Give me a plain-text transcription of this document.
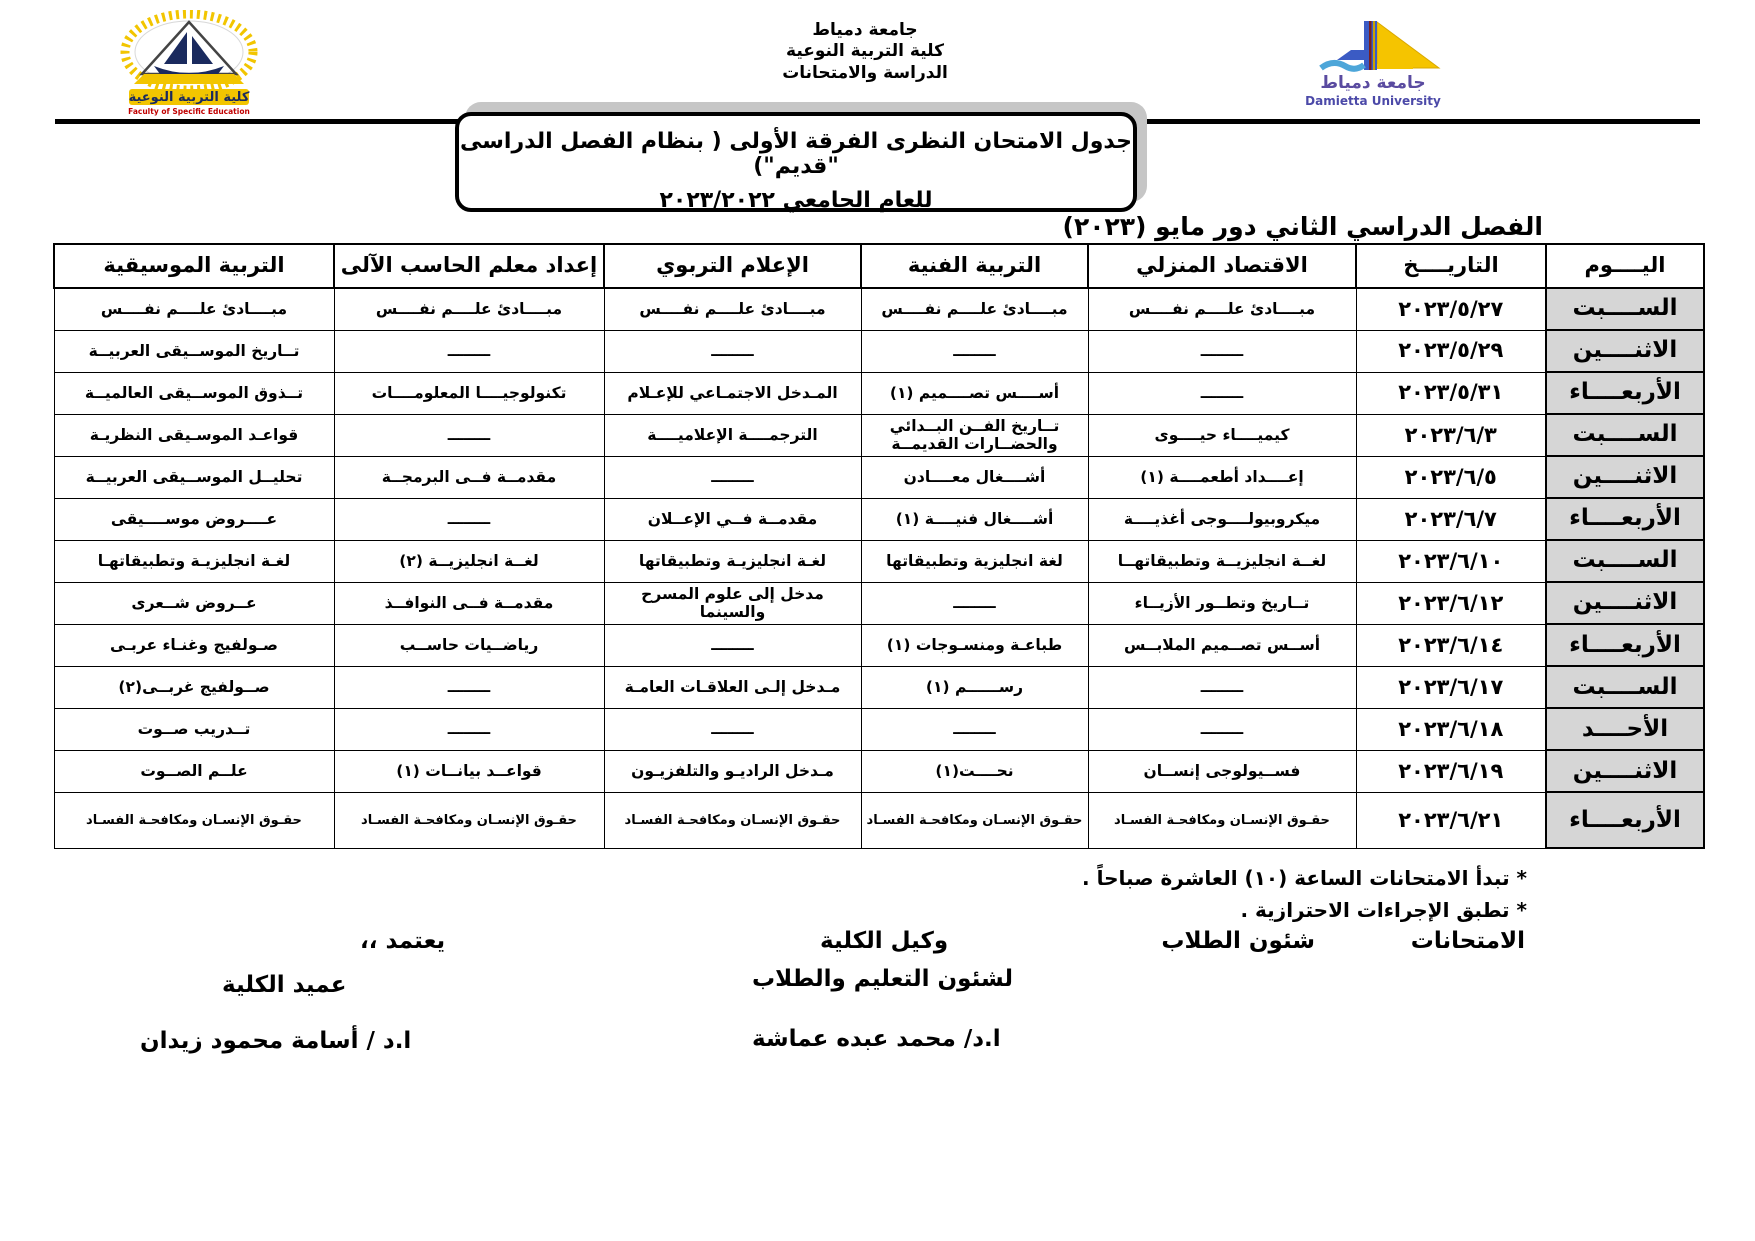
كلية التربية النوعية
Faculty of Specific Education
جامعة دمياط
كلية التربية النوعية
الدراسة والامتحانات
جامعة دمياط
Damietta University
جدول الامتحان النظرى الفرقة الأولى ( بنظام الفصل الدراسى "قديم")
للعام الجامعي ٢٠٢٣/٢٠٢٢
الفصل الدراسي الثاني دور مايو (٢٠٢٣)
اليــــوم	التاريــــخ	الاقتصاد المنزلي	التربية الفنية	الإعلام التربوي	إعداد معلم الحاسب الآلى	التربية الموسيقية
الســــبت	٢٠٢٣/٥/٢٧	مبــــادئ علــــم نفــــس	مبــــادئ علــــم نفــــس	مبــــادئ علــــم نفــــس	مبــــادئ علــــم نفــــس	مبــــادئ علــــم نفــــس
الاثنــــين	٢٠٢٣/٥/٢٩	ــــــــ	ــــــــ	ــــــــ	ــــــــ	تــاريخ الموســيقى العربيــة
الأربعــــاء	٢٠٢٣/٥/٣١	ــــــــ	أســــس تصــــميم (١)	المـدخل الاجتمـاعي للإعـلام	تكنولوجيــــا المعلومــــات	تــذوق الموســيقى العالميــة
الســــبت	٢٠٢٣/٦/٣	كيميــــاء حيــــوى	تــاريخ الفــن البــدائي والحضــارات القديمــة	الترجمــــة الإعلاميــــة	ــــــــ	قواعـد الموسـيقى النظريـة
الاثنــــين	٢٠٢٣/٦/٥	إعــــداد أطعمــــة (١)	أشــــغال معــــادن	ــــــــ	مقدمــة فــى البرمجــة	تحليــل الموســيقى العربيــة
الأربعــــاء	٢٠٢٣/٦/٧	ميكروبيولــــوجى أغذيــــة	أشــــغال فنيــــة (١)	مقدمــة فــي الإعــلان	ــــــــ	عــــروض موســــيقى
الســــبت	٢٠٢٣/٦/١٠	لغــة انجليزيــة وتطبيقاتهــا	لغة انجليزية وتطبيقاتها	لغـة انجليزيـة وتطبيقاتها	لغــة انجليزيــة (٢)	لغـة انجليزيـة وتطبيقاتهـا
الاثنــــين	٢٠٢٣/٦/١٢	تــاريخ وتطــور الأزيــاء	ــــــــ	مدخل إلى علوم المسرح والسينما	مقدمــة فــى النوافــذ	عــروض شــعرى
الأربعــــاء	٢٠٢٣/٦/١٤	أســس تصــميم الملابــس	طباعـة ومنسـوجات (١)	ــــــــ	رياضــيات حاســب	صـولفيج وغنـاء عربـى
الســــبت	٢٠٢٣/٦/١٧	ــــــــ	رســــــم (١)	مـدخل إلـى العلاقـات العامـة	ــــــــ	صــولفيج غربــى(٢)
الأحــــد	٢٠٢٣/٦/١٨	ــــــــ	ــــــــ	ــــــــ	ــــــــ	تــدريب صــوت
الاثنــــين	٢٠٢٣/٦/١٩	فســيولوجى إنســان	نحــــت(١)	مـدخل الراديـو والتلفزيـون	قواعــد بيانــات (١)	علــم الصــوت
الأربعــــاء	٢٠٢٣/٦/٢١	حقـوق الإنسـان ومكافحـة الفسـاد	حقـوق الإنسـان ومكافحـة الفسـاد	حقـوق الإنسـان ومكافحـة الفسـاد	حقـوق الإنسـان ومكافحـة الفسـاد	حقـوق الإنسـان ومكافحـة الفسـاد
* تبدأ الامتحانات الساعة (١٠) العاشرة صباحاً .
* تطبق الإجراءات الاحترازية .
الامتحانات
شئون الطلاب
وكيل الكلية
يعتمد ،،
لشئون التعليم والطلاب
عميد الكلية
ا.د/ محمد عبده عماشة
ا.د / أسامة محمود زيدان
